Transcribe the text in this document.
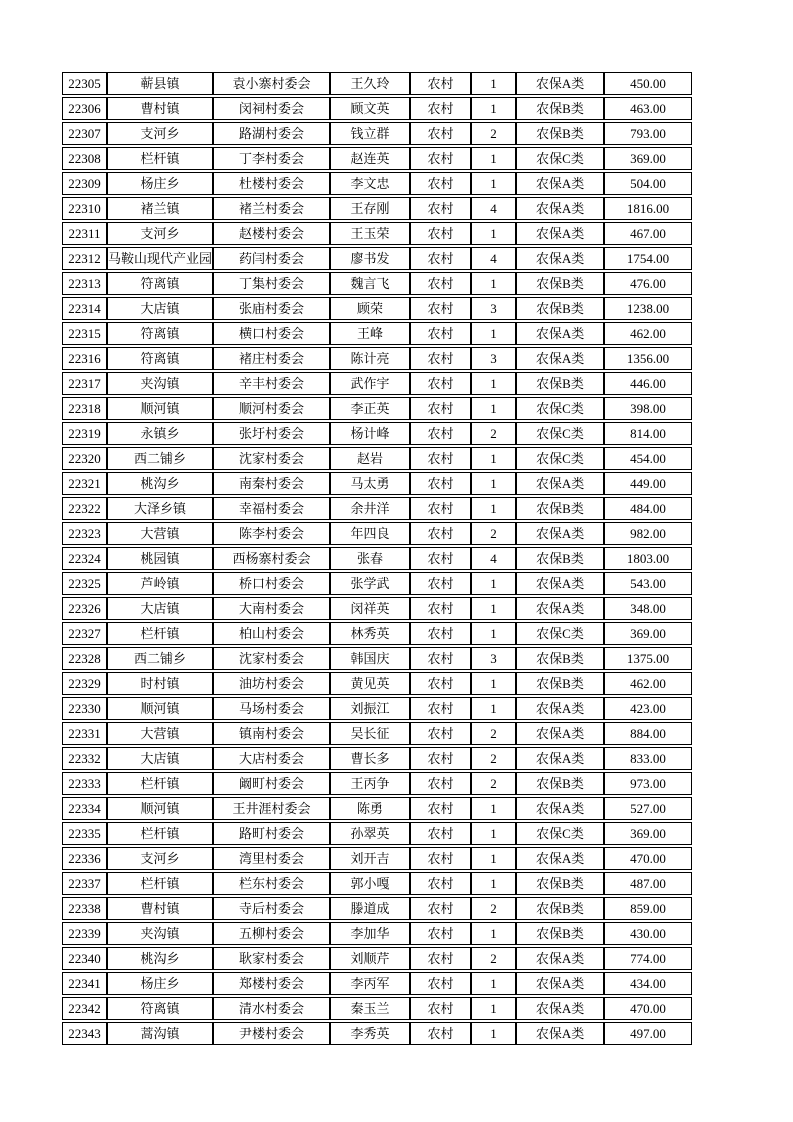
22305	蕲县镇	袁小寨村委会	王久玲	农村	1	农保A类	450.00
22306	曹村镇	闵祠村委会	顾文英	农村	1	农保B类	463.00
22307	支河乡	路湖村委会	钱立群	农村	2	农保B类	793.00
22308	栏杆镇	丁李村委会	赵连英	农村	1	农保C类	369.00
22309	杨庄乡	杜楼村委会	李文忠	农村	1	农保A类	504.00
22310	褚兰镇	褚兰村委会	王存刚	农村	4	农保A类	1816.00
22311	支河乡	赵楼村委会	王玉荣	农村	1	农保A类	467.00
22312	马鞍山现代产业园	药闫村委会	廖书发	农村	4	农保A类	1754.00
22313	符离镇	丁集村委会	魏言飞	农村	1	农保B类	476.00
22314	大店镇	张庙村委会	顾荣	农村	3	农保B类	1238.00
22315	符离镇	横口村委会	王峰	农村	1	农保A类	462.00
22316	符离镇	褚庄村委会	陈计亮	农村	3	农保A类	1356.00
22317	夹沟镇	辛丰村委会	武作宇	农村	1	农保B类	446.00
22318	顺河镇	顺河村委会	李正英	农村	1	农保C类	398.00
22319	永镇乡	张圩村委会	杨计峰	农村	2	农保C类	814.00
22320	西二铺乡	沈家村委会	赵岩	农村	1	农保C类	454.00
22321	桃沟乡	南秦村委会	马太勇	农村	1	农保A类	449.00
22322	大泽乡镇	幸福村委会	余井洋	农村	1	农保B类	484.00
22323	大营镇	陈李村委会	年四良	农村	2	农保A类	982.00
22324	桃园镇	西杨寨村委会	张春	农村	4	农保B类	1803.00
22325	芦岭镇	桥口村委会	张学武	农村	1	农保A类	543.00
22326	大店镇	大南村委会	闵祥英	农村	1	农保A类	348.00
22327	栏杆镇	柏山村委会	林秀英	农村	1	农保C类	369.00
22328	西二铺乡	沈家村委会	韩国庆	农村	3	农保B类	1375.00
22329	时村镇	油坊村委会	黄见英	农村	1	农保B类	462.00
22330	顺河镇	马场村委会	刘振江	农村	1	农保A类	423.00
22331	大营镇	镇南村委会	吴长征	农村	2	农保A类	884.00
22332	大店镇	大店村委会	曹长多	农村	2	农保A类	833.00
22333	栏杆镇	阚町村委会	王丙争	农村	2	农保B类	973.00
22334	顺河镇	王井涯村委会	陈勇	农村	1	农保A类	527.00
22335	栏杆镇	路町村委会	孙翠英	农村	1	农保C类	369.00
22336	支河乡	湾里村委会	刘开吉	农村	1	农保A类	470.00
22337	栏杆镇	栏东村委会	郭小嘎	农村	1	农保B类	487.00
22338	曹村镇	寺后村委会	滕道成	农村	2	农保B类	859.00
22339	夹沟镇	五柳村委会	李加华	农村	1	农保B类	430.00
22340	桃沟乡	耿家村委会	刘顺芹	农村	2	农保A类	774.00
22341	杨庄乡	郑楼村委会	李丙军	农村	1	农保A类	434.00
22342	符离镇	清水村委会	秦玉兰	农村	1	农保A类	470.00
22343	蒿沟镇	尹楼村委会	李秀英	农村	1	农保A类	497.00
